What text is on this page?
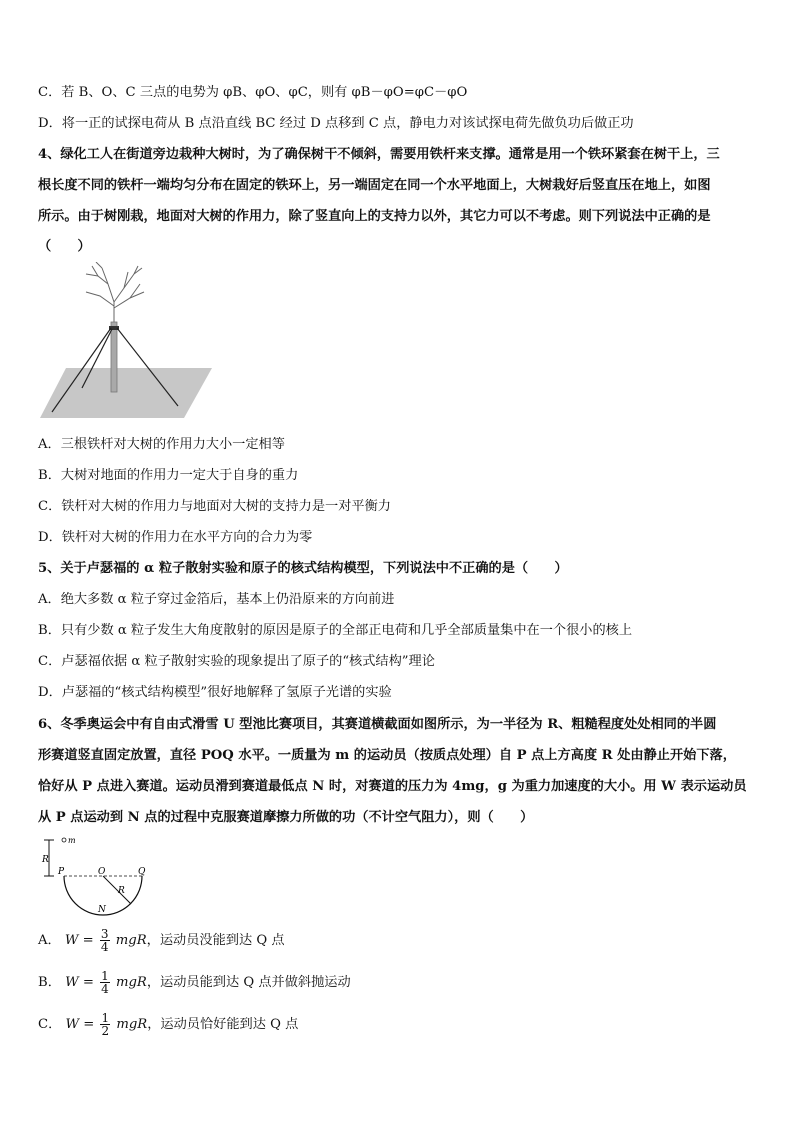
C．若 B、O、C 三点的电势为 φB、φO、φC，则有 φB－φO=φC－φO
D．将一正的试探电荷从 B 点沿直线 BC 经过 D 点移到 C 点，静电力对该试探电荷先做负功后做正功
4、绿化工人在街道旁边栽种大树时，为了确保树干不倾斜，需要用铁杆来支撑。通常是用一个铁环紧套在树干上，三
根长度不同的铁杆一端均匀分布在固定的铁环上，另一端固定在同一个水平地面上，大树栽好后竖直压在地上，如图
所示。由于树刚栽，地面对大树的作用力，除了竖直向上的支持力以外，其它力可以不考虑。则下列说法中正确的是
（　　）
A．三根铁杆对大树的作用力大小一定相等
B．大树对地面的作用力一定大于自身的重力
C．铁杆对大树的作用力与地面对大树的支持力是一对平衡力
D．铁杆对大树的作用力在水平方向的合力为零
5、关于卢瑟福的 α 粒子散射实验和原子的核式结构模型，下列说法中不正确的是（　　）
A．绝大多数 α 粒子穿过金箔后，基本上仍沿原来的方向前进
B．只有少数 α 粒子发生大角度散射的原因是原子的全部正电荷和几乎全部质量集中在一个很小的核上
C．卢瑟福依据 α 粒子散射实验的现象提出了原子的“核式结构”理论
D．卢瑟福的“核式结构模型”很好地解释了氢原子光谱的实验
6、冬季奥运会中有自由式滑雪 U 型池比赛项目，其赛道横截面如图所示，为一半径为 R、粗糙程度处处相同的半圆
形赛道竖直固定放置，直径 POQ 水平。一质量为 m 的运动员（按质点处理）自 P 点上方高度 R 处由静止开始下落，
恰好从 P 点进入赛道。运动员滑到赛道最低点 N 时，对赛道的压力为 4mg，g 为重力加速度的大小。用 W 表示运动员
从 P 点运动到 N 点的过程中克服赛道摩擦力所做的功（不计空气阻力），则（　　）
R
m
P	O	Q
R
N
A． $W = \frac{3}{4}$ mgR，运动员没能到达 Q 点
B． $W = \frac{1}{4}$ mgR，运动员能到达 Q 点并做斜抛运动
C． $W = \frac{1}{2}$ mgR，运动员恰好能到达 Q 点
